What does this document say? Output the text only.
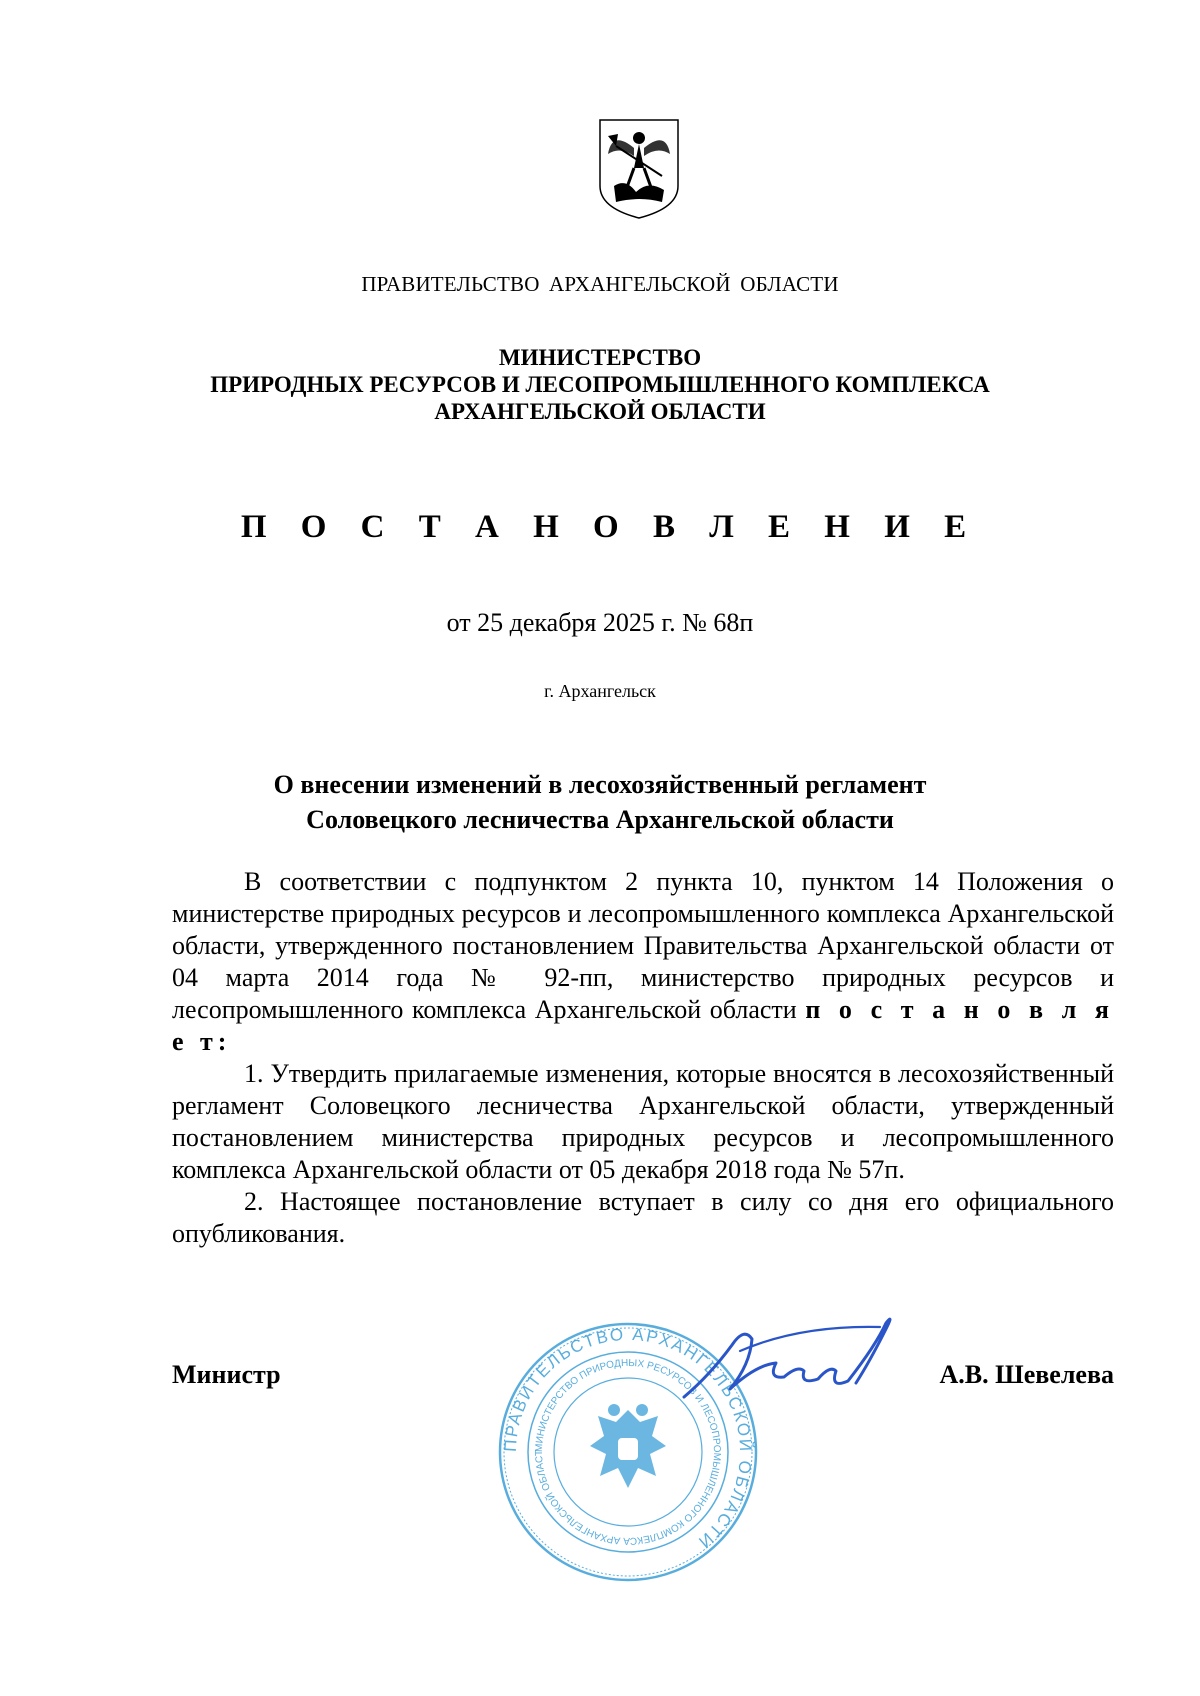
ПРАВИТЕЛЬСТВО АРХАНГЕЛЬСКОЙ ОБЛАСТИ
МИНИСТЕРСТВО
ПРИРОДНЫХ РЕСУРСОВ И ЛЕСОПРОМЫШЛЕННОГО КОМПЛЕКСА
АРХАНГЕЛЬСКОЙ ОБЛАСТИ
П О С Т А Н О В Л Е Н И Е
от 25 декабря 2025 г. № 68п
г. Архангельск
О внесении изменений в лесохозяйственный регламент
Соловецкого лесничества Архангельской области

В соответствии с подпунктом 2 пункта 10, пунктом 14 Положения о министерстве природных ресурсов и лесопромышленного комплекса Архангельской области, утвержденного постановлением Правительства Архангельской области от 04 марта 2014 года № 92-пп, министерство природных ресурсов и лесопромышленного комплекса Архангельской области п о с т а н о в л я е т:

1. Утвердить прилагаемые изменения, которые вносятся в лесохозяйственный регламент Соловецкого лесничества Архангельской области, утвержденный постановлением министерства природных ресурсов и лесопромышленного комплекса Архангельской области от 05 декабря 2018 года № 57п.

2. Настоящее постановление вступает в силу со дня его официального опубликования.

ПРАВИТЕЛЬСТВО АРХАНГЕЛЬСКОЙ ОБЛАСТИ
МИНИСТЕРСТВО ПРИРОДНЫХ РЕСУРСОВ И ЛЕСОПРОМЫШЛЕННОГО КОМПЛЕКСА АРХАНГЕЛЬСКОЙ ОБЛАСТ
Министр	А.В. Шевелева
